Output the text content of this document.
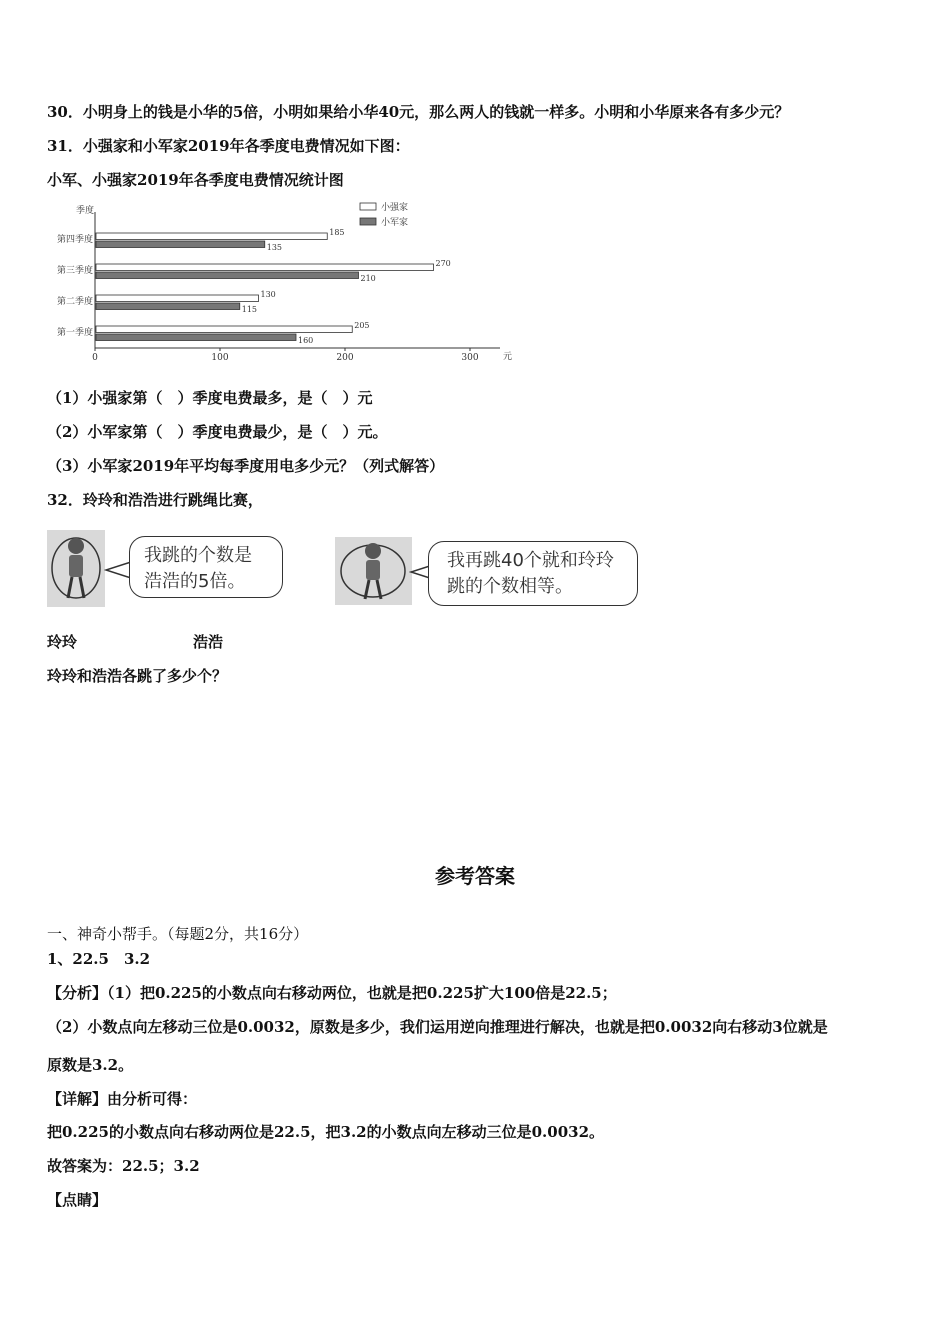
30．小明身上的钱是小华的5倍，小明如果给小华40元，那么两人的钱就一样多。小明和小华原来各有多少元？
31．小强家和小军家2019年各季度电费情况如下图：
小军、小强家2019年各季度电费情况统计图
季度
元
0	100	200	300
小强家
小军家
第四季度
185
135
第三季度
270
210
第二季度
130
115
第一季度
205
160
（1）小强家第（　）季度电费最多，是（　）元
（2）小军家第（　）季度电费最少，是（　）元。
（3）小军家2019年平均每季度用电多少元？（列式解答）
32．玲玲和浩浩进行跳绳比赛，
我跳的个数是浩浩的5倍。
我再跳40个就和玲玲跳的个数相等。
玲玲	浩浩
玲玲和浩浩各跳了多少个？
参考答案
一、神奇小帮手。（每题2分，共16分）
1、22.5　3.2
【分析】（1）把0.225的小数点向右移动两位，也就是把0.225扩大100倍是22.5；
（2）小数点向左移动三位是0.0032，原数是多少，我们运用逆向推理进行解决，也就是把0.0032向右移动3位就是
原数是3.2。
【详解】由分析可得：
把0.225的小数点向右移动两位是22.5，把3.2的小数点向左移动三位是0.0032。
故答案为：22.5；3.2
【点睛】
